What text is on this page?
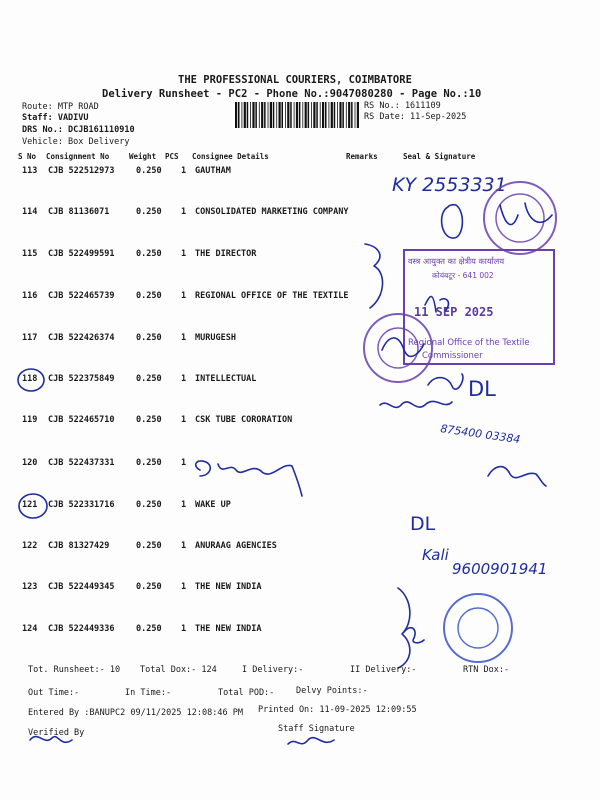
THE PROFESSIONAL COURIERS, COIMBATORE
Delivery Runsheet - PC2 - Phone No.:9047080280 - Page No.:10
Route: MTP ROAD
Staff: VADIVU
DRS No.: DCJB161110910
Vehicle: Box Delivery
RS No.: 1611109
RS Date: 11-Sep-2025
S No Consignment No	Weight PCS Consignee Details	Remarks	Seal & Signature
113 CJB 522512973	0.250 1 GAUTHAM
114 CJB 81136071	0.250 1 CONSOLIDATED MARKETING COMPANY
115 CJB 522499591	0.250 1 THE DIRECTOR
116 CJB 522465739	0.250 1 REGIONAL OFFICE OF THE TEXTILE
117 CJB 522426374	0.250 1 MURUGESH
118 CJB 522375849	0.250 1 INTELLECTUAL
119 CJB 522465710	0.250 1 CSK TUBE CORORATION
120 CJB 522437331	0.250 1
121 CJB 522331716	0.250 1 WAKE UP
122 CJB 81327429	0.250 1 ANURAAG AGENCIES
123 CJB 522449345	0.250 1 THE NEW INDIA
124 CJB 522449336	0.250 1 THE NEW INDIA
KY 2553331
वस्त्र आयुक्त का क्षेत्रीय कार्यालय
कोयंबटूर - 641 002
11 SEP 2025
Regional Office of the Textile
Commissioner
DL
875400 03384
DL
Kali
9600901941
Tot. Runsheet:- 10 Total Dox:- 124	I Delivery:-	II Delivery:-	RTN Dox:-
Out Time:-	In Time:-	Total POD:-	Delvy Points:-
Entered By :BANUPC2 09/11/2025 12:08:46 PM Printed On: 11-09-2025 12:09:55
Verified By	Staff Signature
